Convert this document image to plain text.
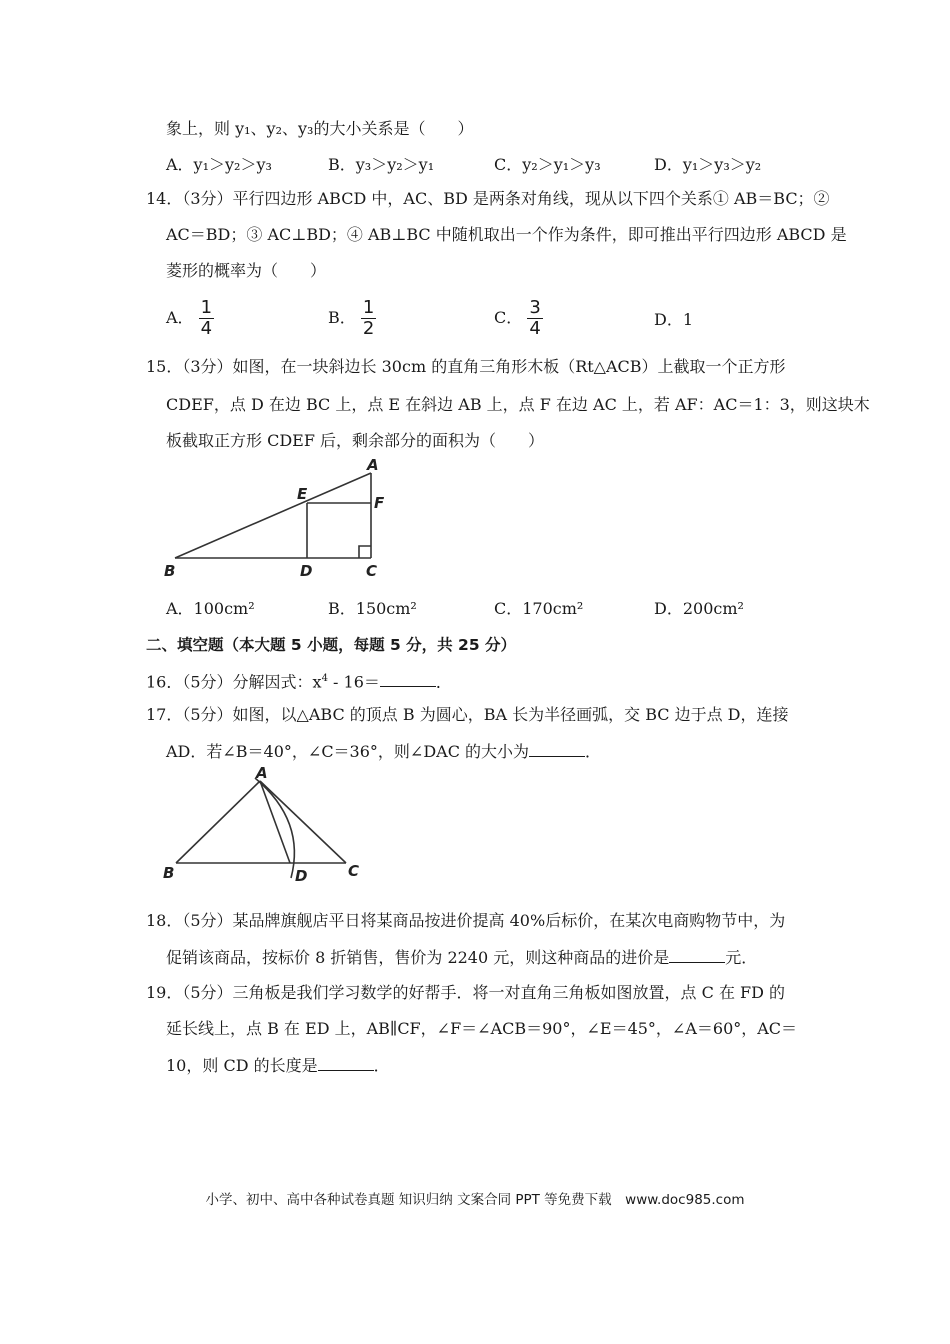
象上，则 y₁、y₂、y₃的大小关系是（　　）
A．y₁＞y₂＞y₃	B．y₃＞y₂＞y₁	C．y₂＞y₁＞y₃	D．y₁＞y₃＞y₂
14．（3分）平行四边形 ABCD 中，AC、BD 是两条对角线，现从以下四个关系① AB＝BC；②
AC＝BD；③ AC⊥BD；④ AB⊥BC 中随机取出一个作为条件，即可推出平行四边形 ABCD 是
菱形的概率为（　　）
A． $\frac{1}{4}$	B． $\frac{1}{2}$	C． $\frac{3}{4}$	D．1
15．（3分）如图，在一块斜边长 30cm 的直角三角形木板（Rt△ACB）上截取一个正方形
CDEF，点 D 在边 BC 上，点 E 在斜边 AB 上，点 F 在边 AC 上，若 AF：AC＝1：3，则这块木
板截取正方形 CDEF 后，剩余部分的面积为（　　）
A
B	C
D
E	F
A．100cm²	B．150cm²	C．170cm²	D．200cm²
二、填空题（本大题 5 小题，每题 5 分，共 25 分）
16．（5分）分解因式：$x^4 - 16=$	．
17．（5分）如图，以△ABC 的顶点 B 为圆心，BA 长为半径画弧，交 BC 边于点 D，连接
AD．若∠B＝40°，∠C＝36°，则∠DAC 的大小为	．
A
B	C
D
18．（5分）某品牌旗舰店平日将某商品按进价提高 40%后标价，在某次电商购物节中，为
促销该商品，按标价 8 折销售，售价为 2240 元，则这种商品的进价是	元．
19．（5分）三角板是我们学习数学的好帮手．将一对直角三角板如图放置，点 C 在 FD 的
延长线上，点 B 在 ED 上，AB∥CF，∠F＝∠ACB＝90°，∠E＝45°，∠A＝60°，AC＝
10，则 CD 的长度是	．
小学、初中、高中各种试卷真题 知识归纳 文案合同 PPT 等免费下载　www.doc985.com
